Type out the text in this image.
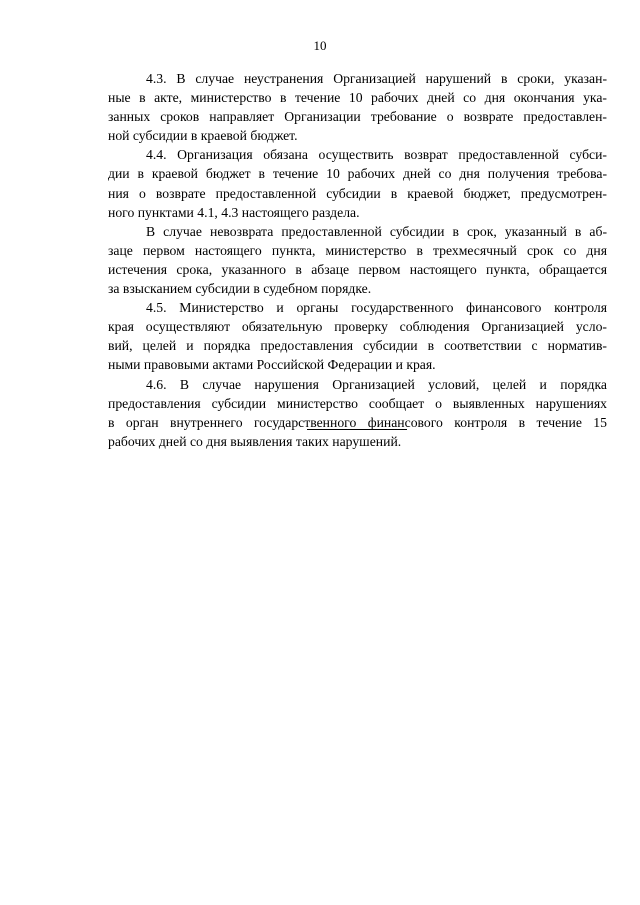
10

4.3. В случае неустранения Организацией нарушений в сроки, указан-
ные в акте, министерство в течение 10 рабочих дней со дня окончания ука-
занных сроков направляет Организации требование о возврате предоставлен-
ной субсидии в краевой бюджет.

4.4. Организация обязана осуществить возврат предоставленной субси-
дии в краевой бюджет в течение 10 рабочих дней со дня получения требова-
ния о возврате предоставленной субсидии в краевой бюджет, предусмотрен-
ного пунктами 4.1, 4.3 настоящего раздела.

В случае невозврата предоставленной субсидии в срок, указанный в аб-
заце первом настоящего пункта, министерство в трехмесячный срок со дня
истечения срока, указанного в абзаце первом настоящего пункта, обращается
за взысканием субсидии в судебном порядке.

4.5. Министерство и органы государственного финансового контроля
края осуществляют обязательную проверку соблюдения Организацией усло-
вий, целей и порядка предоставления субсидии в соответствии с норматив-
ными правовыми актами Российской Федерации и края.

4.6. В случае нарушения Организацией условий, целей и порядка
предоставления субсидии министерство сообщает о выявленных нарушениях
в орган внутреннего государственного финансового контроля в течение 15
рабочих дней со дня выявления таких нарушений.
